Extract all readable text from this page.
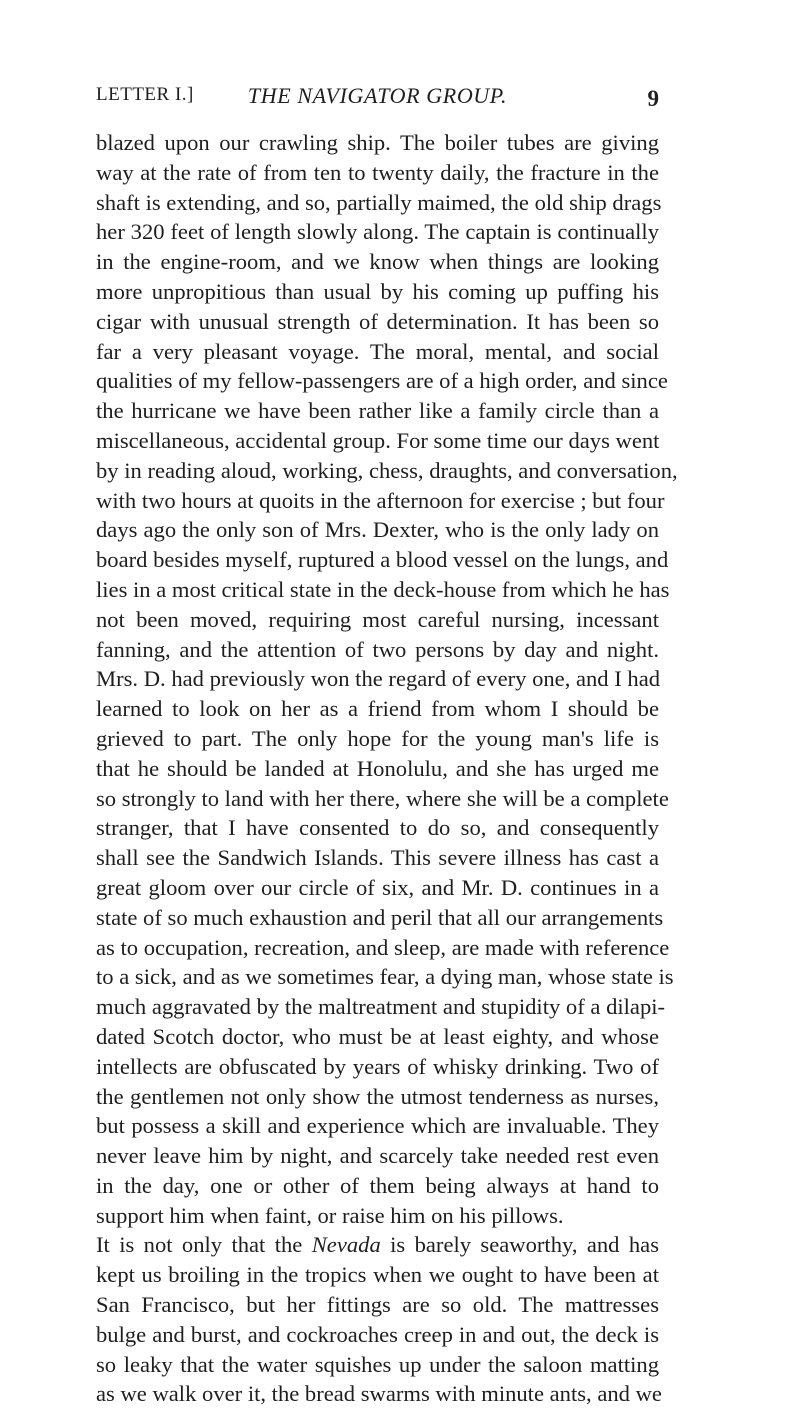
LETTER I.]	THE NAVIGATOR GROUP.	9
blazed upon our crawling ship. The boiler tubes are giving
way at the rate of from ten to twenty daily, the fracture in the
shaft is extending, and so, partially maimed, the old ship drags
her 320 feet of length slowly along. The captain is continually
in the engine-room, and we know when things are looking
more unpropitious than usual by his coming up puffing his
cigar with unusual strength of determination. It has been so
far a very pleasant voyage. The moral, mental, and social
qualities of my fellow-passengers are of a high order, and since
the hurricane we have been rather like a family circle than a
miscellaneous, accidental group. For some time our days went
by in reading aloud, working, chess, draughts, and conversation,
with two hours at quoits in the afternoon for exercise ; but four
days ago the only son of Mrs. Dexter, who is the only lady on
board besides myself, ruptured a blood vessel on the lungs, and
lies in a most critical state in the deck-house from which he has
not been moved, requiring most careful nursing, incessant
fanning, and the attention of two persons by day and night.
Mrs. D. had previously won the regard of every one, and I had
learned to look on her as a friend from whom I should be
grieved to part. The only hope for the young man's life is
that he should be landed at Honolulu, and she has urged me
so strongly to land with her there, where she will be a complete
stranger, that I have consented to do so, and consequently
shall see the Sandwich Islands. This severe illness has cast a
great gloom over our circle of six, and Mr. D. continues in a
state of so much exhaustion and peril that all our arrangements
as to occupation, recreation, and sleep, are made with reference
to a sick, and as we sometimes fear, a dying man, whose state is
much aggravated by the maltreatment and stupidity of a dilapi-
dated Scotch doctor, who must be at least eighty, and whose
intellects are obfuscated by years of whisky drinking. Two of
the gentlemen not only show the utmost tenderness as nurses,
but possess a skill and experience which are invaluable. They
never leave him by night, and scarcely take needed rest even
in the day, one or other of them being always at hand to
support him when faint, or raise him on his pillows.
It is not only that the Nevada is barely seaworthy, and has
kept us broiling in the tropics when we ought to have been at
San Francisco, but her fittings are so old. The mattresses
bulge and burst, and cockroaches creep in and out, the deck is
so leaky that the water squishes up under the saloon matting
as we walk over it, the bread swarms with minute ants, and we
